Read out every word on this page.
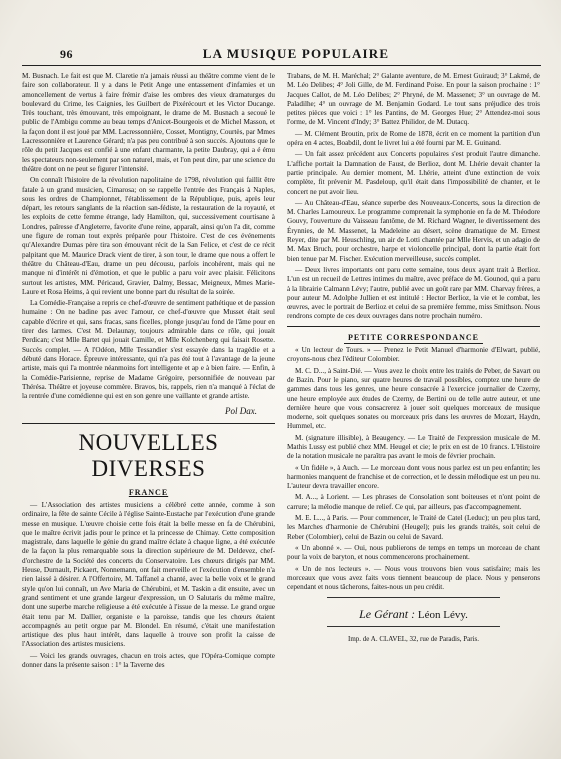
96	LA MUSIQUE POPULAIRE

M. Busnach. Le fait est que M. Claretie n'a jamais réussi au théâtre comme vient de le faire son collaborateur. Il y a dans le Petit Ange une entassement d'infamies et un amoncellement de vertus à faire frémir d'aise les ombres des vieux dramaturges du boulevard du Crime, les Caignies, les Guilbert de Pixérécourt et les Victor Ducange. Très touchant, très émouvant, très empoignant, le drame de M. Busnach a secoué le public de l'Ambigu comme au beau temps d'Anicet-Bourgeois et de Michel Masson, et la façon dont il est joué par MM. Lacressonnière, Cosset, Montigny, Courtès, par Mmes Lacressonnière et Laurence Gérard; n'a pas peu contribué à son succès. Ajoutons que le rôle du petit Jacques est confié à une enfant charmante, la petite Daubray, qui a é ému les spectateurs non-seulement par son naturel, mais, et l'on peut dire, par une science du théâtre dont on ne peut se figurer l'intensité.

On connaît l'histoire de la révolution napolitaine de 1798, révolution qui faillit être fatale à un grand musicien, Cimarosa; on se rappelle l'entrée des Français à Naples, sous les ordres de Championnet, l'établissement de la République, puis, après leur départ, les retours sanglants de la réaction san-fédiste, la restauration de la royauté, et les exploits de cette femme étrange, lady Hamilton, qui, successivement courtisane à Londres, paîresse d'Angleterre, favorite d'une reine, apparaît, ainsi qu'on l'a dit, comme une figure de roman tout exprès préparée pour l'histoire. C'est de ces événements qu'Alexandre Dumas père tira son émouvant récit de la San Felice, et c'est de ce récit palpitant que M. Maurice Drack vient de tirer, à son tour, le drame que nous a offert le théâtre du Château-d'Eau, drame un peu décousu, parfois incohérent, mais qui ne manque ni d'intérêt ni d'émotion, et que le public a paru voir avec plaisir. Félicitons surtout les artistes, MM. Péricaud, Gravier, Dalmy, Bessac, Meigneux, Mmes Marie-Laure et Rosa Heims, à qui revient une bonne part du résultat de la soirée.

La Comédie-Française a repris ce chef-d'œuvre de sentiment pathétique et de passion humaine : On ne badine pas avec l'amour, ce chef-d'œuvre que Musset était seul capable d'écrire et qui, sans fracas, sans ficelles, plonge jusqu'au fond de l'âme pour en tirer des larmes. C'est M. Delaunay, toujours admirable dans ce rôle, qui jouait Perdican; c'est Mlle Bartet qui jouait Camille, et Mlle Kolchenberg qui faisait Rosette. Succès complet. — A l'Odéon, Mlle Tessandier s'est essayée dans la tragédie et a débuté dans Horace. Épreuve intéressante, qui n'a pas été tout à l'avantage de la jeune artiste, mais qui l'a montrée néanmoins fort intelligente et ap e à bien faire. — Enfin, à la Comédie-Parisienne, reprise de Madame Grégoire, personnifiée de nouveau par Thérésa. Théâtre et joyeuse commère. Bravos, bis, rappels, rien n'a manqué à l'éclat de la rentrée d'une comédienne qui est en son genre une vaillante et grande artiste.

Pol Dax.
NOUVELLES DIVERSES
FRANCE

— L'Association des artistes musiciens a célébré cette année, comme à son ordinaire, la fête de sainte Cécile à l'église Sainte-Eustache par l'exécution d'une grande messe en musique. L'œuvre choisie cette fois était la belle messe en fa de Chérubini, que le maître écrivit jadis pour le prince et la princesse de Chimay. Cette composition magistrale, dans laquelle le génie du grand maître éclate à chaque ligne, a été exécutée de la façon la plus remarquable sous la direction supérieure de M. Deldevez, chef-d'orchestre de la Société des concerts du Conservatoire. Les chœurs dirigés par MM. Heuse, Durnault, Pickaert, Nonnemann, ont fait merveille et l'exécution d'ensemble n'a rien laissé à désirer. A l'Offertoire, M. Taffanel a chanté, avec la belle voix et le grand style qu'on lui connaît, un Ave Maria de Chérubini, et M. Taskin a dit ensuite, avec un grand sentiment et une grande largeur d'expression, un O Salutaris du même maître, dont une superbe marche religieuse a été exécutée à l'issue de la messe. Le grand orgue était tenu par M. Dallier, organiste e la paroisse, tandis que les chœurs étaient accompagnés au petit orgue par M. Blondel. En résumé, c'était une manifestation artistique des plus haut intérêt, dans laquelle à trouve son profit la caisse de l'Association des artistes musiciens.

— Voici les grands ouvrages, chacun en trois actes, que l'Opéra-Comique compte donner dans la présente saison : 1° la Taverne des

Trabans, de M. H. Maréchal; 2° Galante aventure, de M. Ernest Guiraud; 3° Lakmé, de M. Léo Delibes; 4° Joli Gille, de M. Ferdinand Poise. En pour la saison prochaine : 1° Jacques Callot, de M. Léo Delibes; 2° Phryné, de M. Massenet; 3° un ouvrage de M. Paladilhe; 4° un ouvrage de M. Benjamin Godard. Le tout sans préjudice des trois petites pièces que voici : 1° les Pantins, de M. Georges Hue; 2° Attendez-moi sous l'orme, de M. Vincent d'Indy; 3° Battez Philidor, de M. Dutacq.

— M. Clément Broutin, prix de Rome de 1878, écrit en ce moment la partition d'un opéra en 4 actes, Boabdil, dont le livret lui a été fourni par M. E. Guinand.

— Un fait assez précédent aux Concerts populaires s'est produit l'autre dimanche. L'affiche portait la Damnation de Faust, de Berlioz, dont M. Lhérie devait chanter la partie principale. Au dernier moment, M. Lhérie, atteint d'une extinction de voix complète, fit prévenir M. Pasdeloup, qu'il était dans l'impossibilité de chanter, et le concert ne put avoir lieu.

— Au Château-d'Eau, séance superbe des Nouveaux-Concerts, sous la direction de M. Charles Lamoureux. Le programme comprenait la symphonie en fa de M. Théodore Gouvy, l'ouverture du Vaisseau fantôme, de M. Richard Wagner, le divertissement des Érynnies, de M. Massenet, la Madeleine au désert, scène dramatique de M. Ernest Reyer, dite par M. Heuschling, un air de Lotti chantée par Mlle Hervis, et un adagio de M. Max Bruch, pour orchestre, harpe et violoncelle principal, dont la partie était fort bien tenue par M. Fischer. Exécution merveilleuse, succès complet.

— Deux livres importants ont paru cette semaine, tous deux ayant trait à Berlioz. L'un est un recueil de Lettres intimes du maître, avec préface de M. Gounod, qui a paru à la librairie Calmann Lévy; l'autre, publié avec un goût rare par MM. Charvay frères, a pour auteur M. Adolphe Jullien et est intitulé : Hector Berlioz, la vie et le combat, les œuvres, avec le portrait de Berlioz et celui de sa première femme, miss Smithson. Nous rendrons compte de ces deux ouvrages dans notre prochain numéro.

PETITE CORRESPONDANCE

« Un lecteur de Tours. » — Prenez le Petit Manuel d'harmonie d'Elwart, publié, croyons-nous chez l'éditeur Colombier.

M. C. D..., à Saint-Dié. — Vous avez le choix entre les traités de Peber, de Savart ou de Bazin. Pour le piano, sur quatre heures de travail possibles, comptez une heure de gammes dans tous les genres, une heure consacrée à l'exercice journalier de Czerny, une heure employée aux études de Czerny, de Bertini ou de telle autre auteur, et une dernière heure que vous consacrerez à jouer soit quelques morceaux de musique moderne, soit quelques sonates ou morceaux pris dans les œuvres de Mozart, Haydn, Hummel, etc.

M. (signature illisible), à Beaugency. — Le Traité de l'expression musicale de M. Mathis Lussy est publié chez MM. Heugel et cie; le prix en est de 10 francs. L'Histoire de la notation musicale ne paraîtra pas avant le mois de février prochain.

« Un fidèle », à Auch. — Le morceau dont vous nous parlez est un peu enfantin; les harmonies manquent de franchise et de correction, et le dessin mélodique est un peu nu. L'auteur devra travailler encore.

M. A..., à Lorient. — Les phrases de Consolation sont boiteuses et n'ont point de carrure; la mélodie manque de relief. Ce qui, par ailleurs, pas d'accompagnement.

M. E. L..., à Paris. — Pour commencer, le Traité de Catel (Leduc); un peu plus tard, les Marches d'harmonie de Chérubini (Heugel); puis les grands traités, soit celui de Reber (Colombier), celui de Bazin ou celui de Savard.

« Un abonné ». — Oui, nous publierons de temps en temps un morceau de chant pour la voix de baryton, et nous commencerons prochainement.

« Un de nos lecteurs ». — Nous vous trouvons bien vous satisfaire; mais les morceaux que vous avez faits vous tiennent beaucoup de place. Nous y penserons cependant et nous tâcherons, faites-nous un peu crédit.

Le Gérant : Léon Lévy.
Imp. de A. CLAVEL, 32, rue de Paradis, Paris.
